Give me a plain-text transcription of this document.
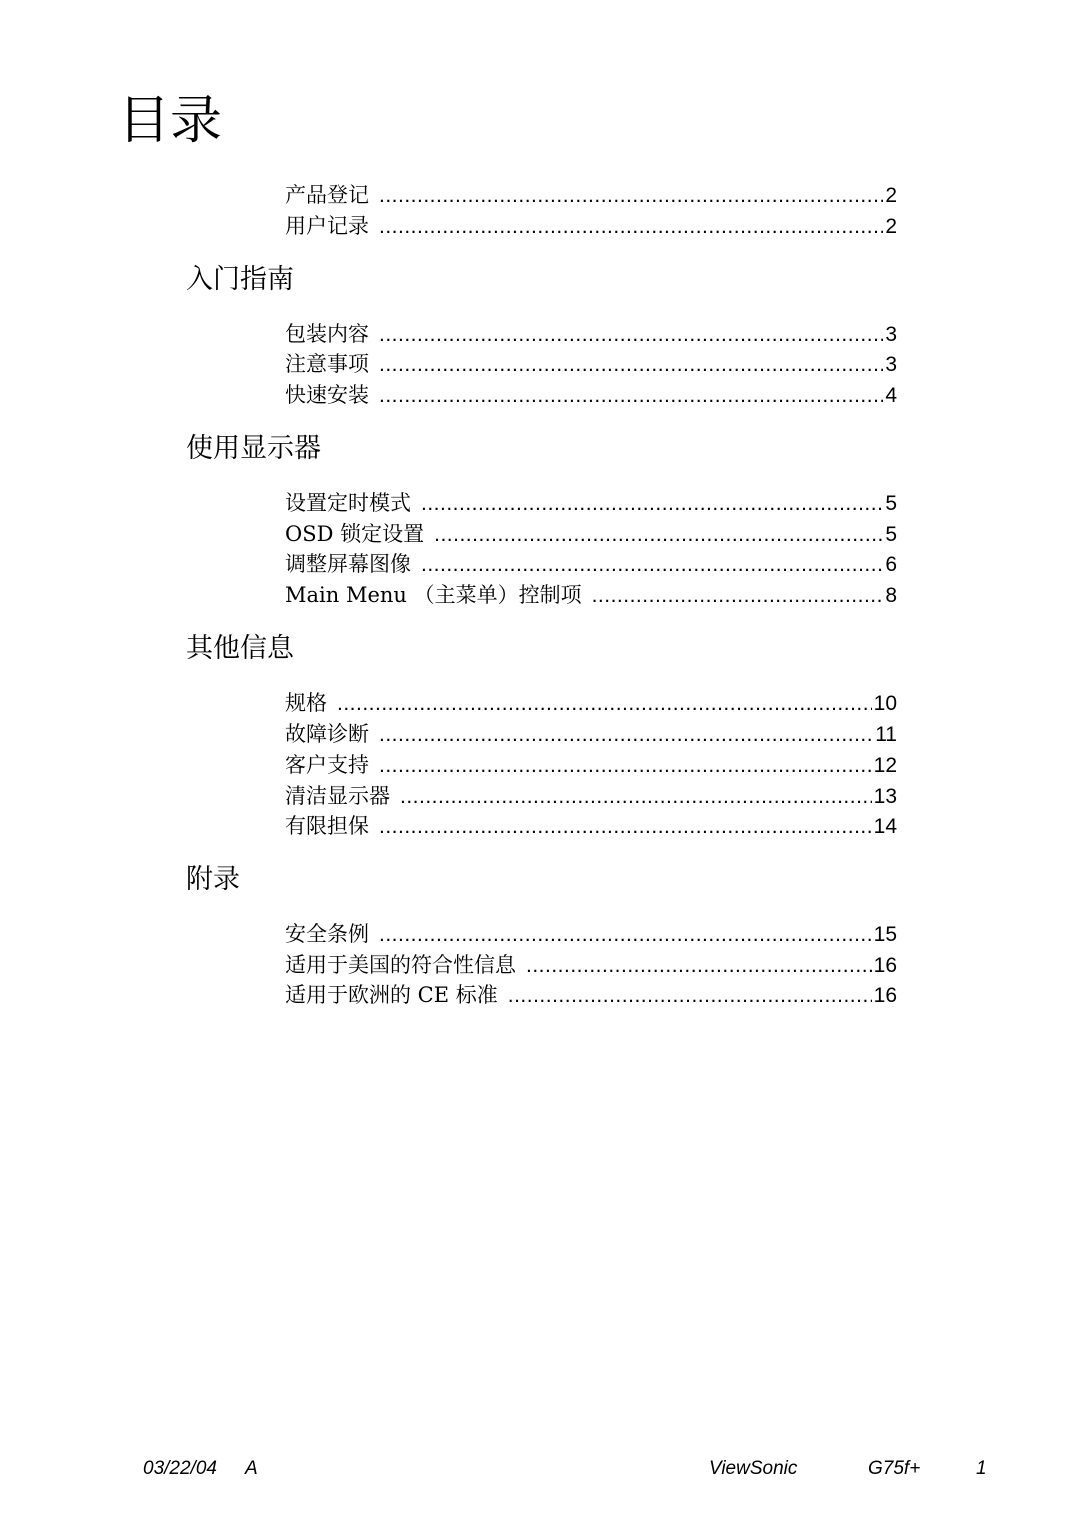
目录
产品登记 .....	2
用户记录 .....	2
入门指南
包装内容 .....	3
注意事项 .....	3
快速安装 .....	4
使用显示器
设置定时模式 .....	5
OSD 锁定设置 .....	5
调整屏幕图像 .....	6
Main Menu （主菜单）控制项 .....	8
其他信息
规格 .....	10
故障诊断 .....	11
客户支持 .....	12
清洁显示器 .....	13
有限担保 .....	14
附录
安全条例 .....	15
适用于美国的符合性信息 .....	16
适用于欧洲的 CE 标准 .....	16
03/22/04 A	ViewSonic	G75f+	1
